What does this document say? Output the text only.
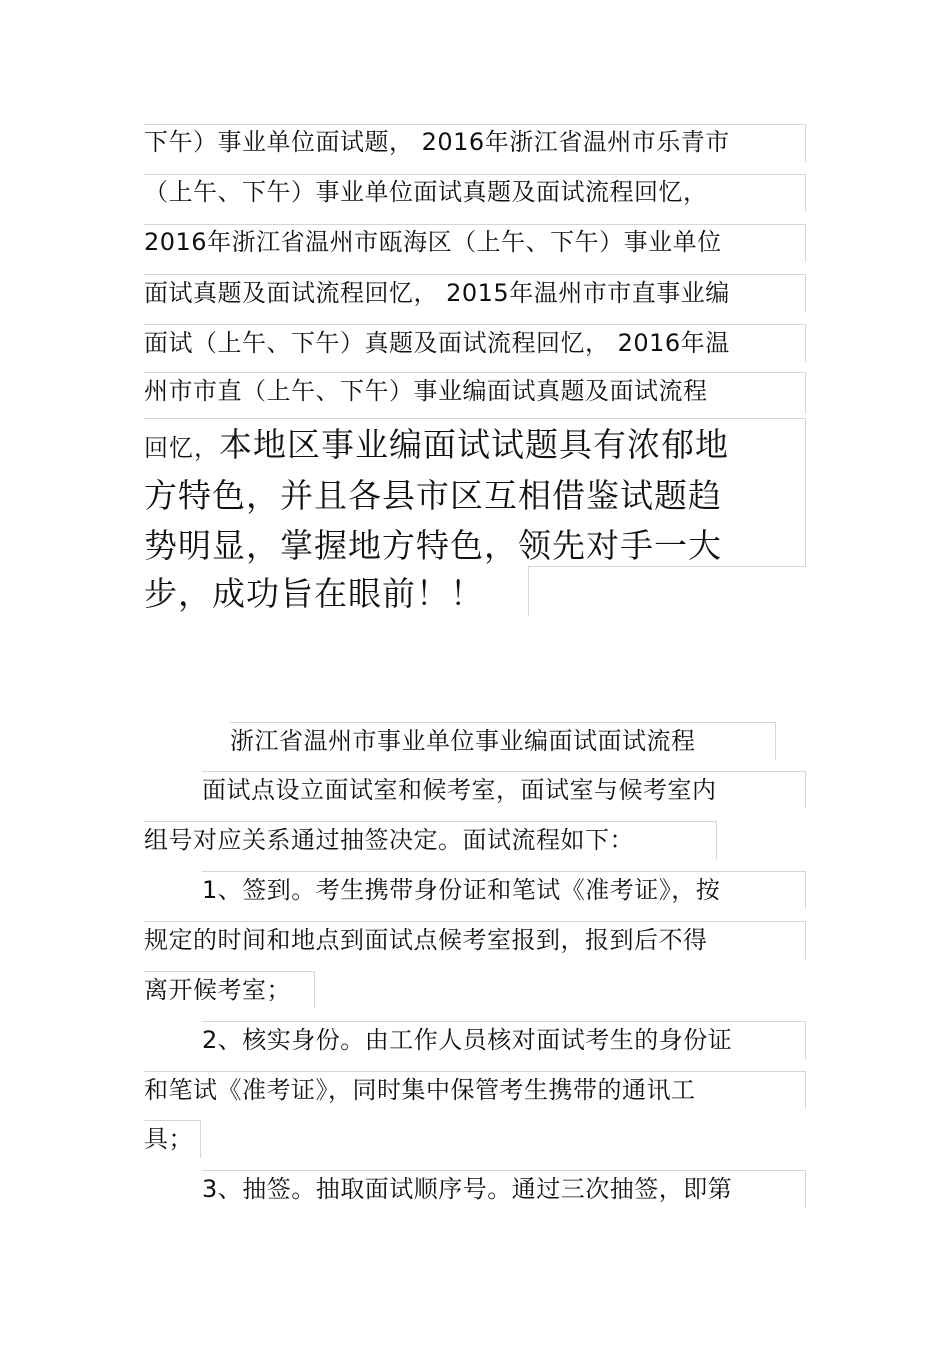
下午）事业单位面试题， 2016年浙江省温州市乐青市
（上午、下午）事业单位面试真题及面试流程回忆，
2016年浙江省温州市瓯海区（上午、下午）事业单位
面试真题及面试流程回忆， 2015年温州市市直事业编
面试（上午、下午）真题及面试流程回忆， 2016年温
州市市直（上午、下午）事业编面试真题及面试流程
回忆，本地区事业编面试试题具有浓郁地
方特色，并且各县市区互相借鉴试题趋
势明显，掌握地方特色，领先对手一大
步，成功旨在眼前！！
浙江省温州市事业单位事业编面试面试流程
面试点设立面试室和候考室，面试室与候考室内
组号对应关系通过抽签决定。面试流程如下：
1、签到。考生携带身份证和笔试《准考证》，按
规定的时间和地点到面试点候考室报到，报到后不得
离开候考室；
2、核实身份。由工作人员核对面试考生的身份证
和笔试《准考证》，同时集中保管考生携带的通讯工
具；
3、抽签。抽取面试顺序号。通过三次抽签，即第
